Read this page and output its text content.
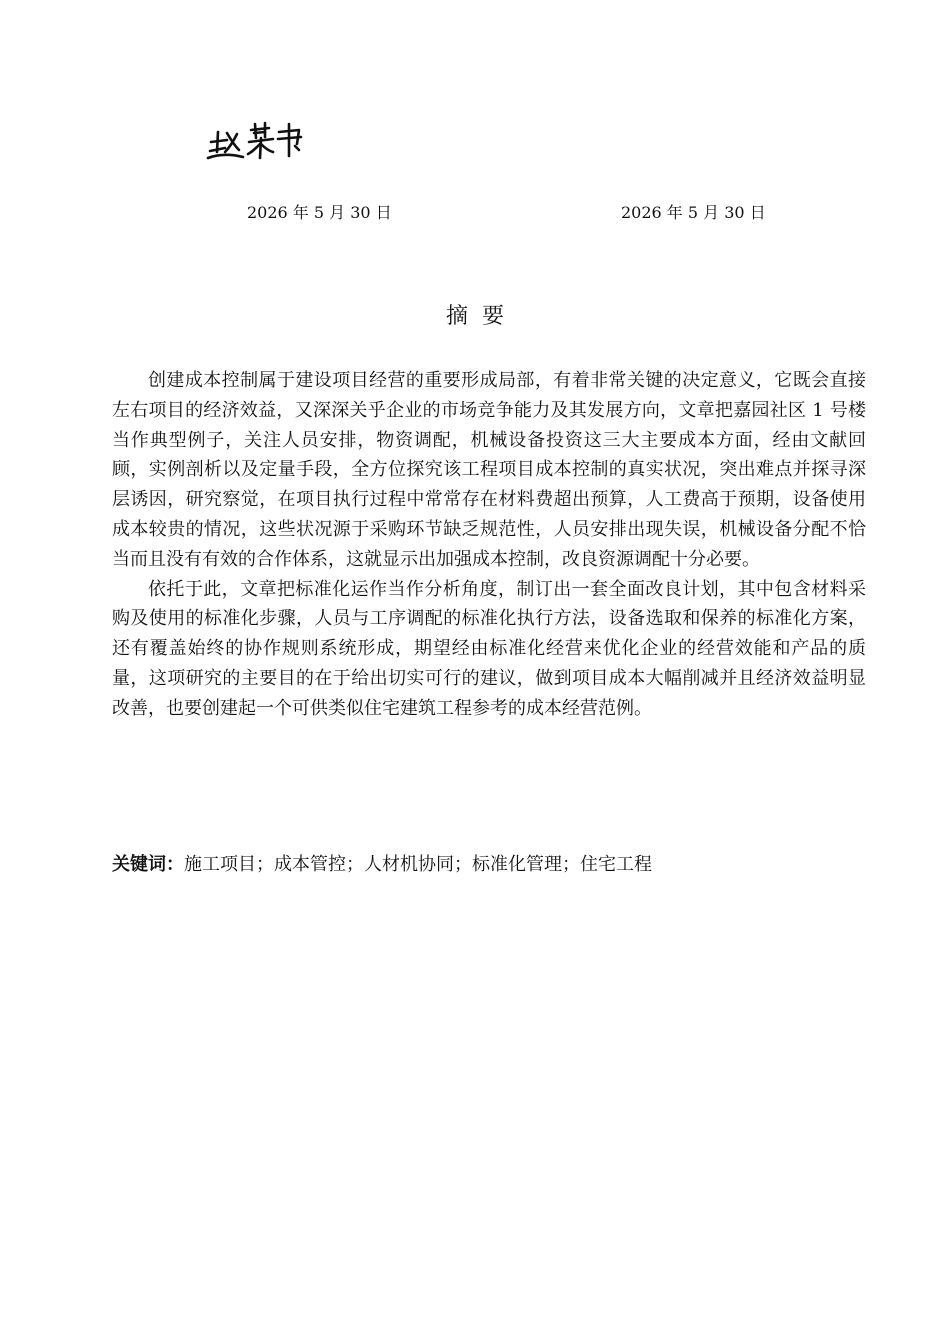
2026 年 5 月 30 日	2026 年 5 月 30 日
摘要

创建成本控制属于建设项目经营的重要形成局部，有着非常关键的决定意义，它既会直接左右项目的经济效益，又深深关乎企业的市场竞争能力及其发展方向，文章把嘉园社区 1 号楼当作典型例子，关注人员安排，物资调配，机械设备投资这三大主要成本方面，经由文献回顾，实例剖析以及定量手段，全方位探究该工程项目成本控制的真实状况，突出难点并探寻深层诱因，研究察觉，在项目执行过程中常常存在材料费超出预算，人工费高于预期，设备使用成本较贵的情况，这些状况源于采购环节缺乏规范性，人员安排出现失误，机械设备分配不恰当而且没有有效的合作体系，这就显示出加强成本控制，改良资源调配十分必要。

依托于此，文章把标准化运作当作分析角度，制订出一套全面改良计划，其中包含材料采购及使用的标准化步骤，人员与工序调配的标准化执行方法，设备选取和保养的标准化方案，还有覆盖始终的协作规则系统形成，期望经由标准化经营来优化企业的经营效能和产品的质量，这项研究的主要目的在于给出切实可行的建议，做到项目成本大幅削减并且经济效益明显改善，也要创建起一个可供类似住宅建筑工程参考的成本经营范例。

关键词：施工项目；成本管控；人材机协同；标准化管理；住宅工程
